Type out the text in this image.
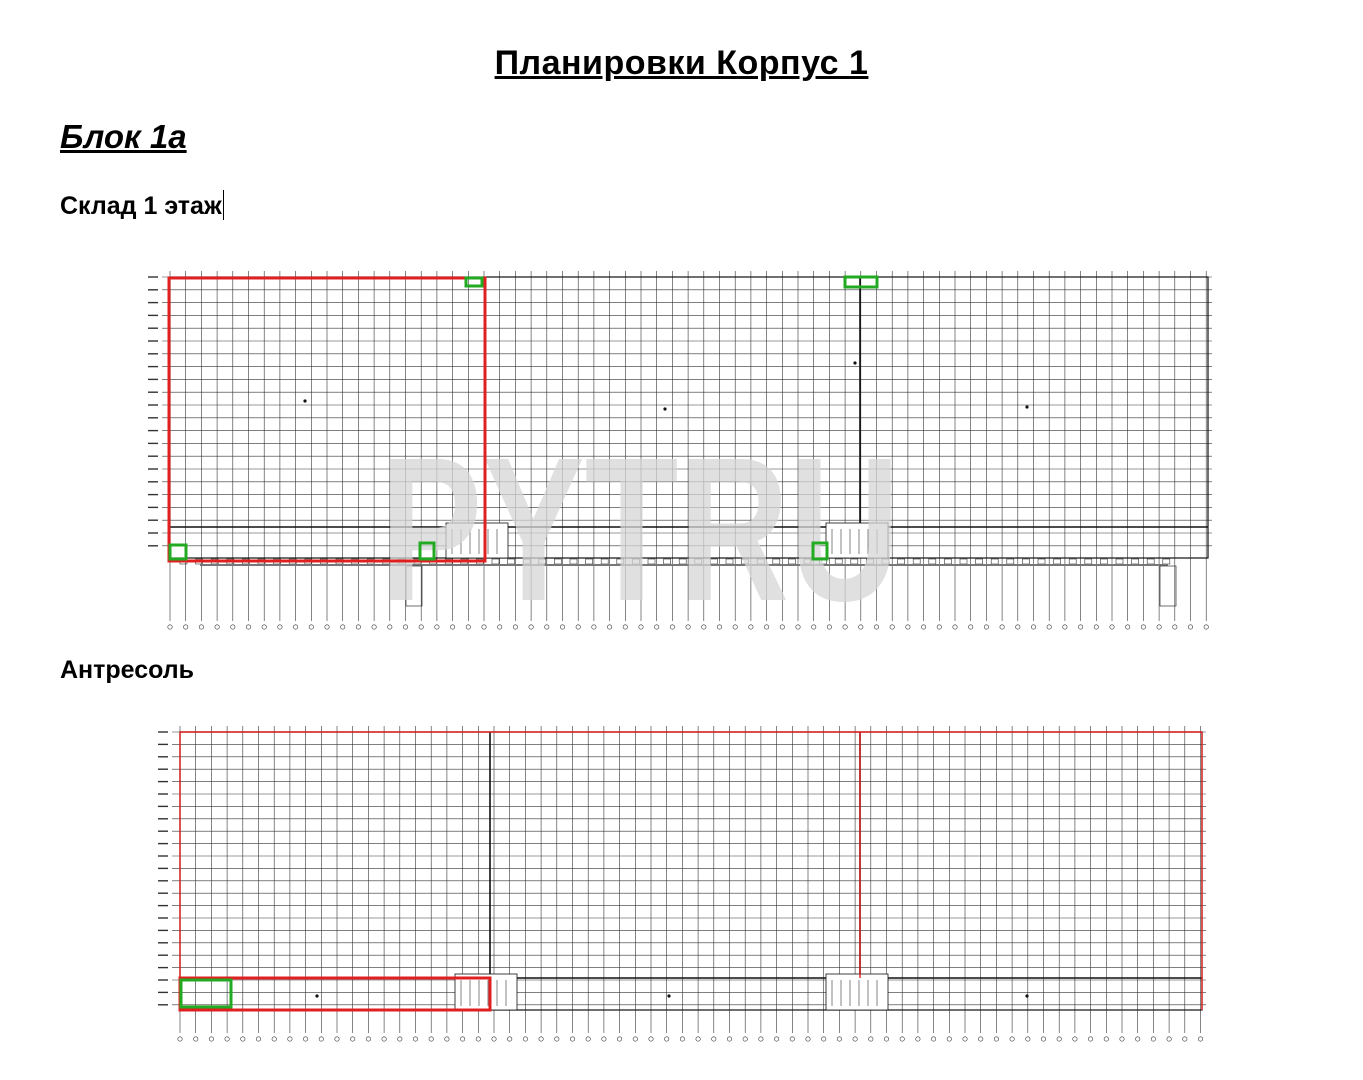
Планировки Корпус 1
Блок 1а
Склад 1 этаж
PYTRU
Антресоль
